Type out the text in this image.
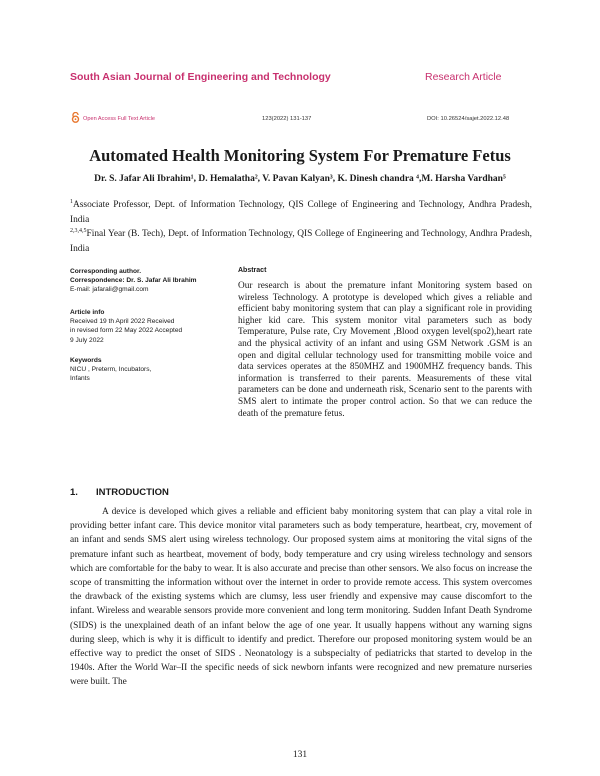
South Asian Journal of Engineering and Technology	Research Article
Open Access Full Text Article	123(2022) 131-137	DOI: 10.26524/sajet.2022.12.48
Automated Health Monitoring System For Premature Fetus
Dr. S. Jafar Ali Ibrahim¹, D. Hemalatha², V. Pavan Kalyan³, K. Dinesh chandra ⁴,M. Harsha Vardhan⁵
$^1$Associate Professor, Dept. of Information Technology, QIS College of Engineering and Technology, Andhra Pradesh, India
$^{2,3,4,5}$Final Year (B. Tech), Dept. of Information Technology, QIS College of Engineering and Technology, Andhra Pradesh, India
Corresponding author.
Correspondence: Dr. S. Jafar Ali Ibrahim
E-mail: jafarali@gmail.com
Article info
Received 19 th April 2022 Received
in revised form 22 May 2022 Accepted
9 July 2022
Keywords
NICU , Preterm, Incubators,
Infants
Abstract
Our research is about the premature infant Monitoring system based on wireless Technology. A prototype is developed which gives a reliable and efficient baby monitoring system that can play a significant role in providing higher kid care. This system monitor vital parameters such as body Temperature, Pulse rate, Cry Movement ,Blood oxygen level(spo2),heart rate and the physical activity of an infant and using GSM Network .GSM is an open and digital cellular technology used for transmitting mobile voice and data services operates at the 850MHZ and 1900MHZ frequency bands. This information is transferred to their parents. Measurements of these vital parameters can be done and underneath risk, Scenario sent to the parents with SMS alert to intimate the proper control action. So that we can reduce the death of the premature fetus.
1. INTRODUCTION
A device is developed which gives a reliable and efficient baby monitoring system that can play a vital role in providing better infant care. This device monitor vital parameters such as body temperature, heartbeat, cry, movement of an infant and sends SMS alert using wireless technology. Our proposed system aims at monitoring the vital signs of the premature infant such as heartbeat, movement of body, body temperature and cry using wireless technology and sensors which are comfortable for the baby to wear. It is also accurate and precise than other sensors. We also focus on increase the scope of transmitting the information without over the internet in order to provide remote access. This system overcomes the drawback of the existing systems which are clumsy, less user friendly and expensive may cause discomfort to the infant. Wireless and wearable sensors provide more convenient and long term monitoring. Sudden Infant Death Syndrome (SIDS) is the unexplained death of an infant below the age of one year. It usually happens without any warning signs during sleep, which is why it is difficult to identify and predict. Therefore our proposed monitoring system would be an effective way to predict the onset of SIDS . Neonatology is a subspecialty of pediatricks that started to develop in the 1940s. After the World War–II the specific needs of sick newborn infants were recognized and new premature nurseries were built. The
131
